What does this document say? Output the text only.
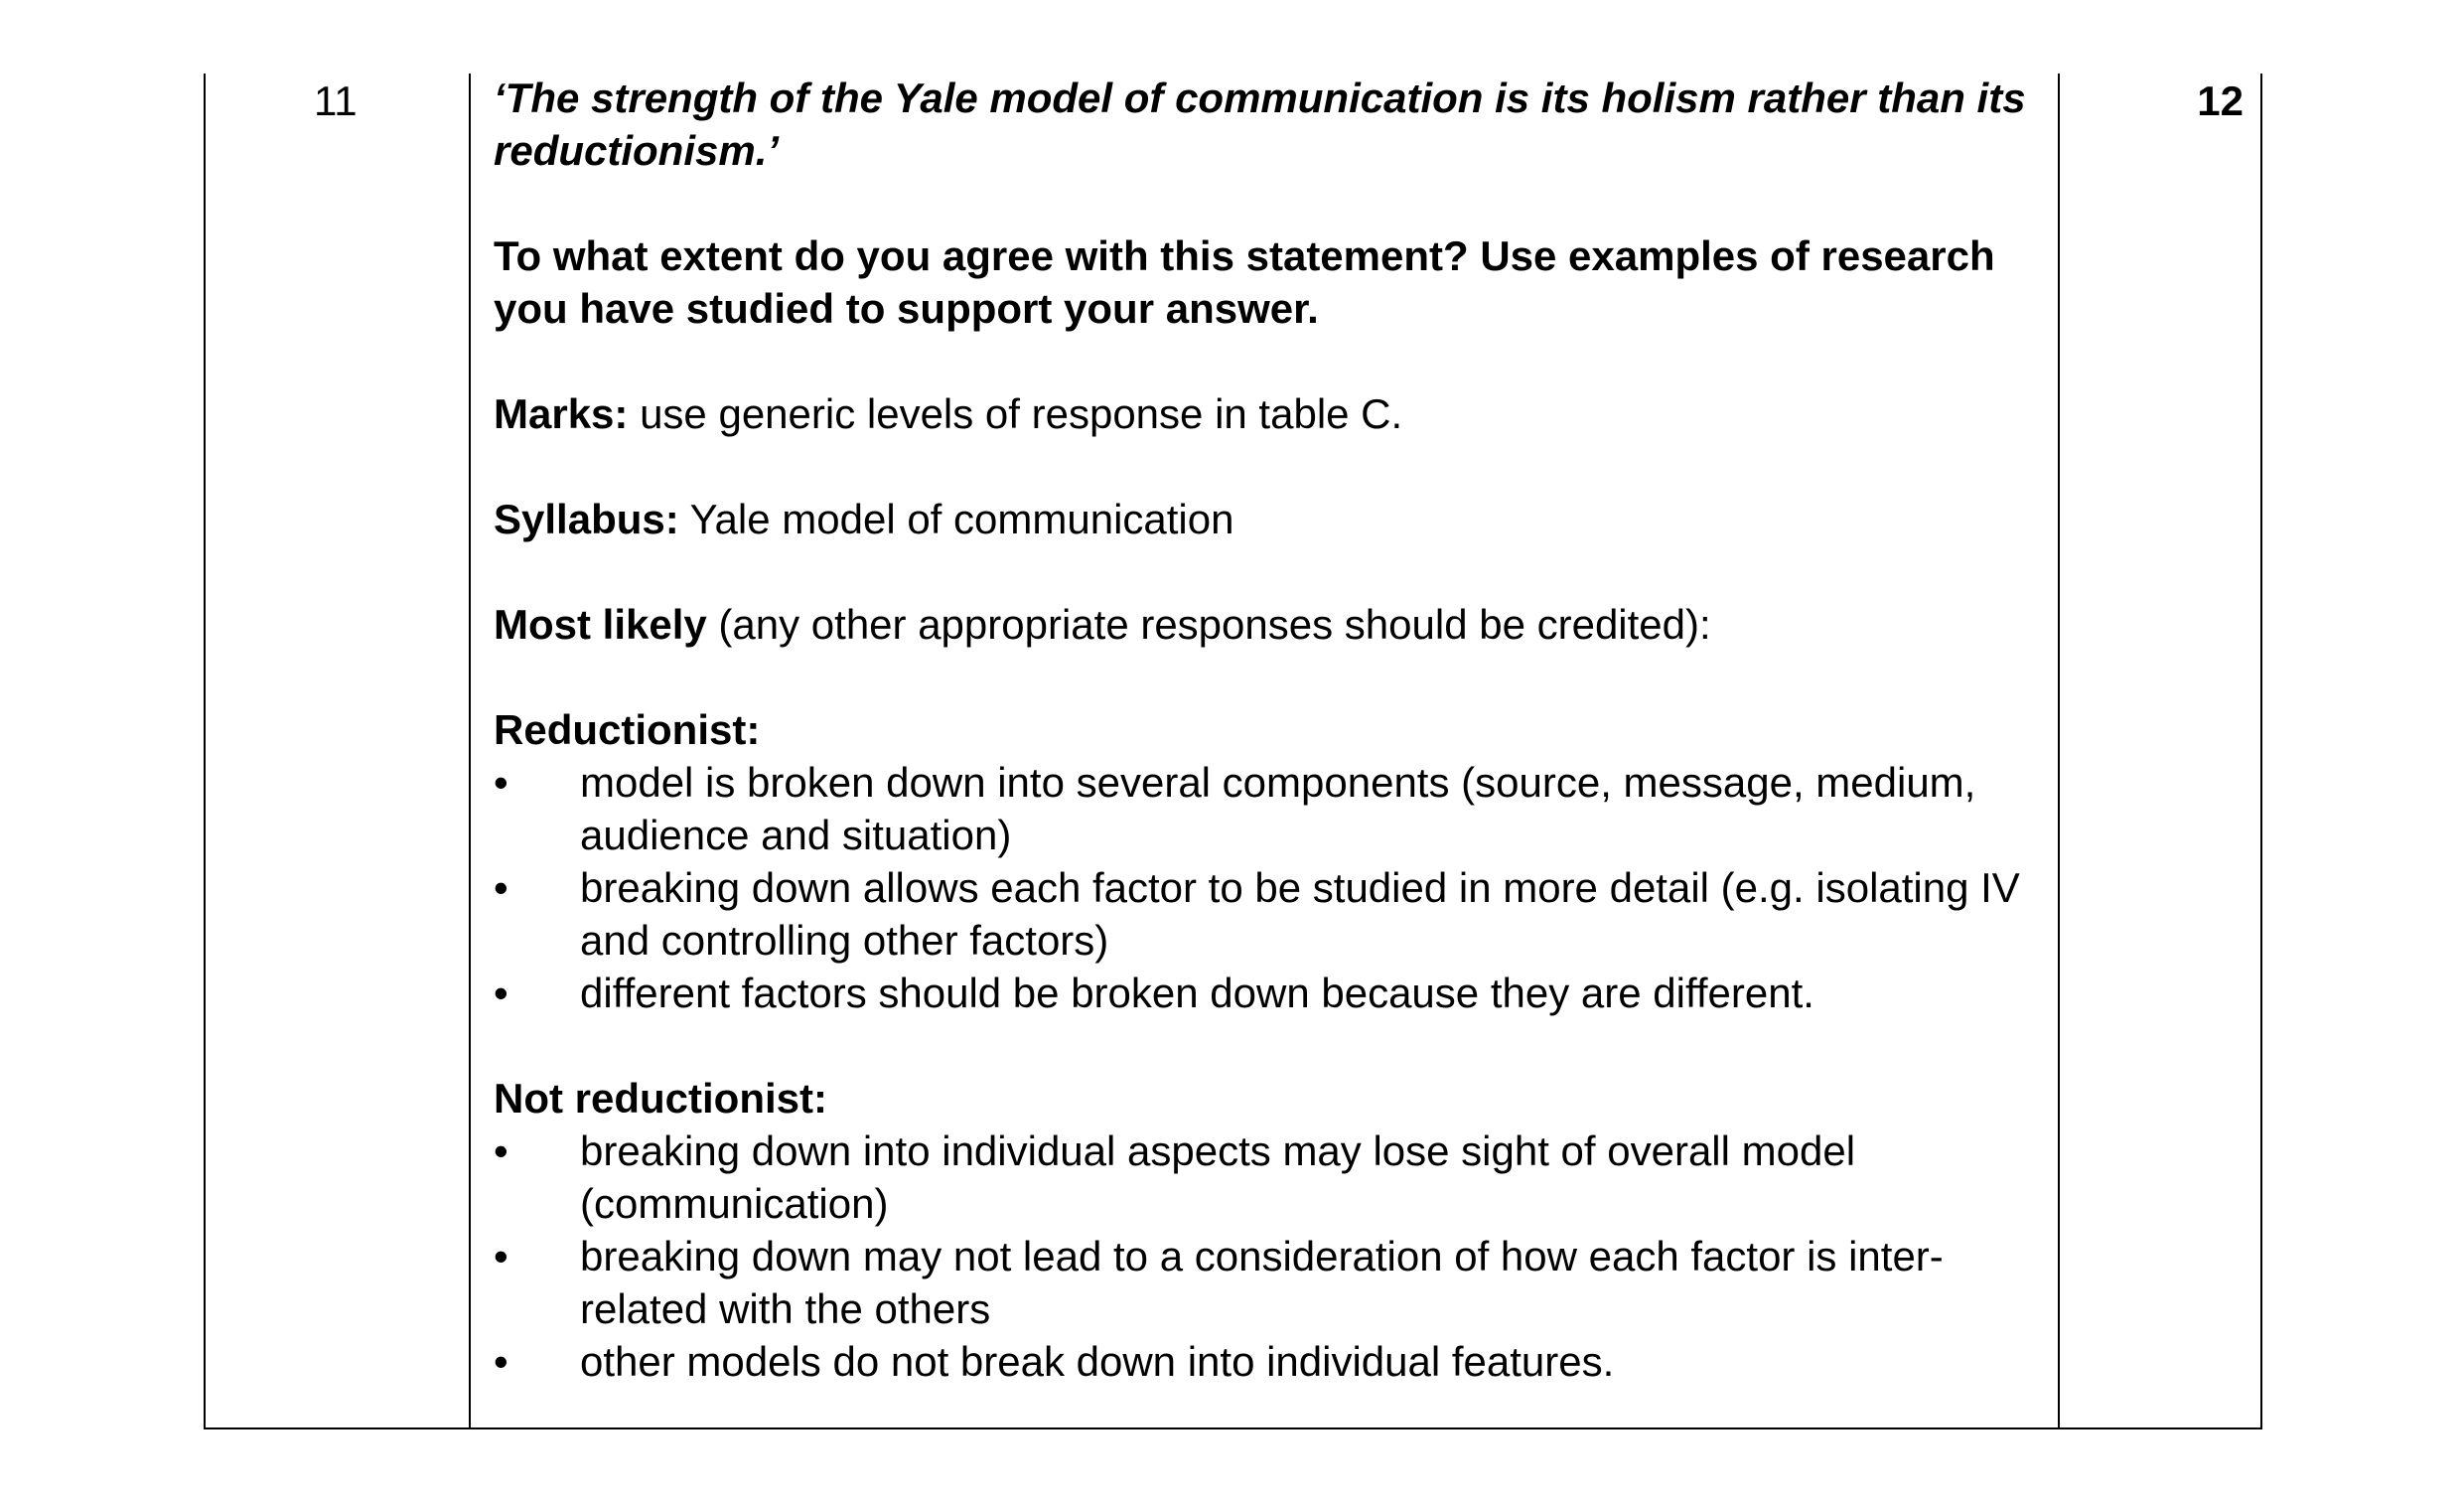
11	12

‘The strength of the Yale model of communication is its holism rather than its reductionism.’

To what extent do you agree with this statement? Use examples of research you have studied to support your answer.

Marks: use generic levels of response in table C.

Syllabus: Yale model of communication

Most likely (any other appropriate responses should be credited):

Reductionist:

• model is broken down into several components (source, message, medium, audience and situation)
• breaking down allows each factor to be studied in more detail (e.g. isolating IV and controlling other factors)
• different factors should be broken down because they are different.

Not reductionist:

• breaking down into individual aspects may lose sight of overall model (communication)
• breaking down may not lead to a consideration of how each factor is inter-related with the others
• other models do not break down into individual features.
